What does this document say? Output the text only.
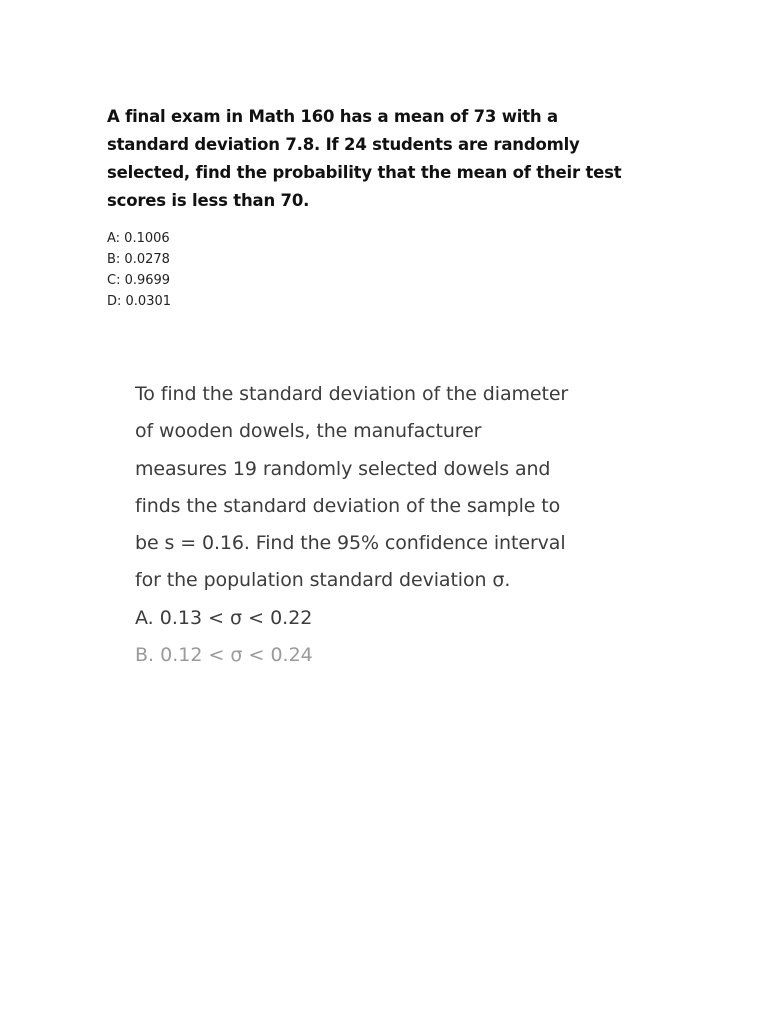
A final exam in Math 160 has a mean of 73 with a
standard deviation 7.8. If 24 students are randomly
selected, find the probability that the mean of their test
scores is less than 70.

A: 0.1006
B: 0.0278
C: 0.9699
D: 0.0301

To find the standard deviation of the diameter
of wooden dowels, the manufacturer
measures 19 randomly selected dowels and
finds the standard deviation of the sample to
be s = 0.16. Find the 95% confidence interval
for the population standard deviation σ.

A. 0.13 < σ < 0.22
B. 0.12 < σ < 0.24
